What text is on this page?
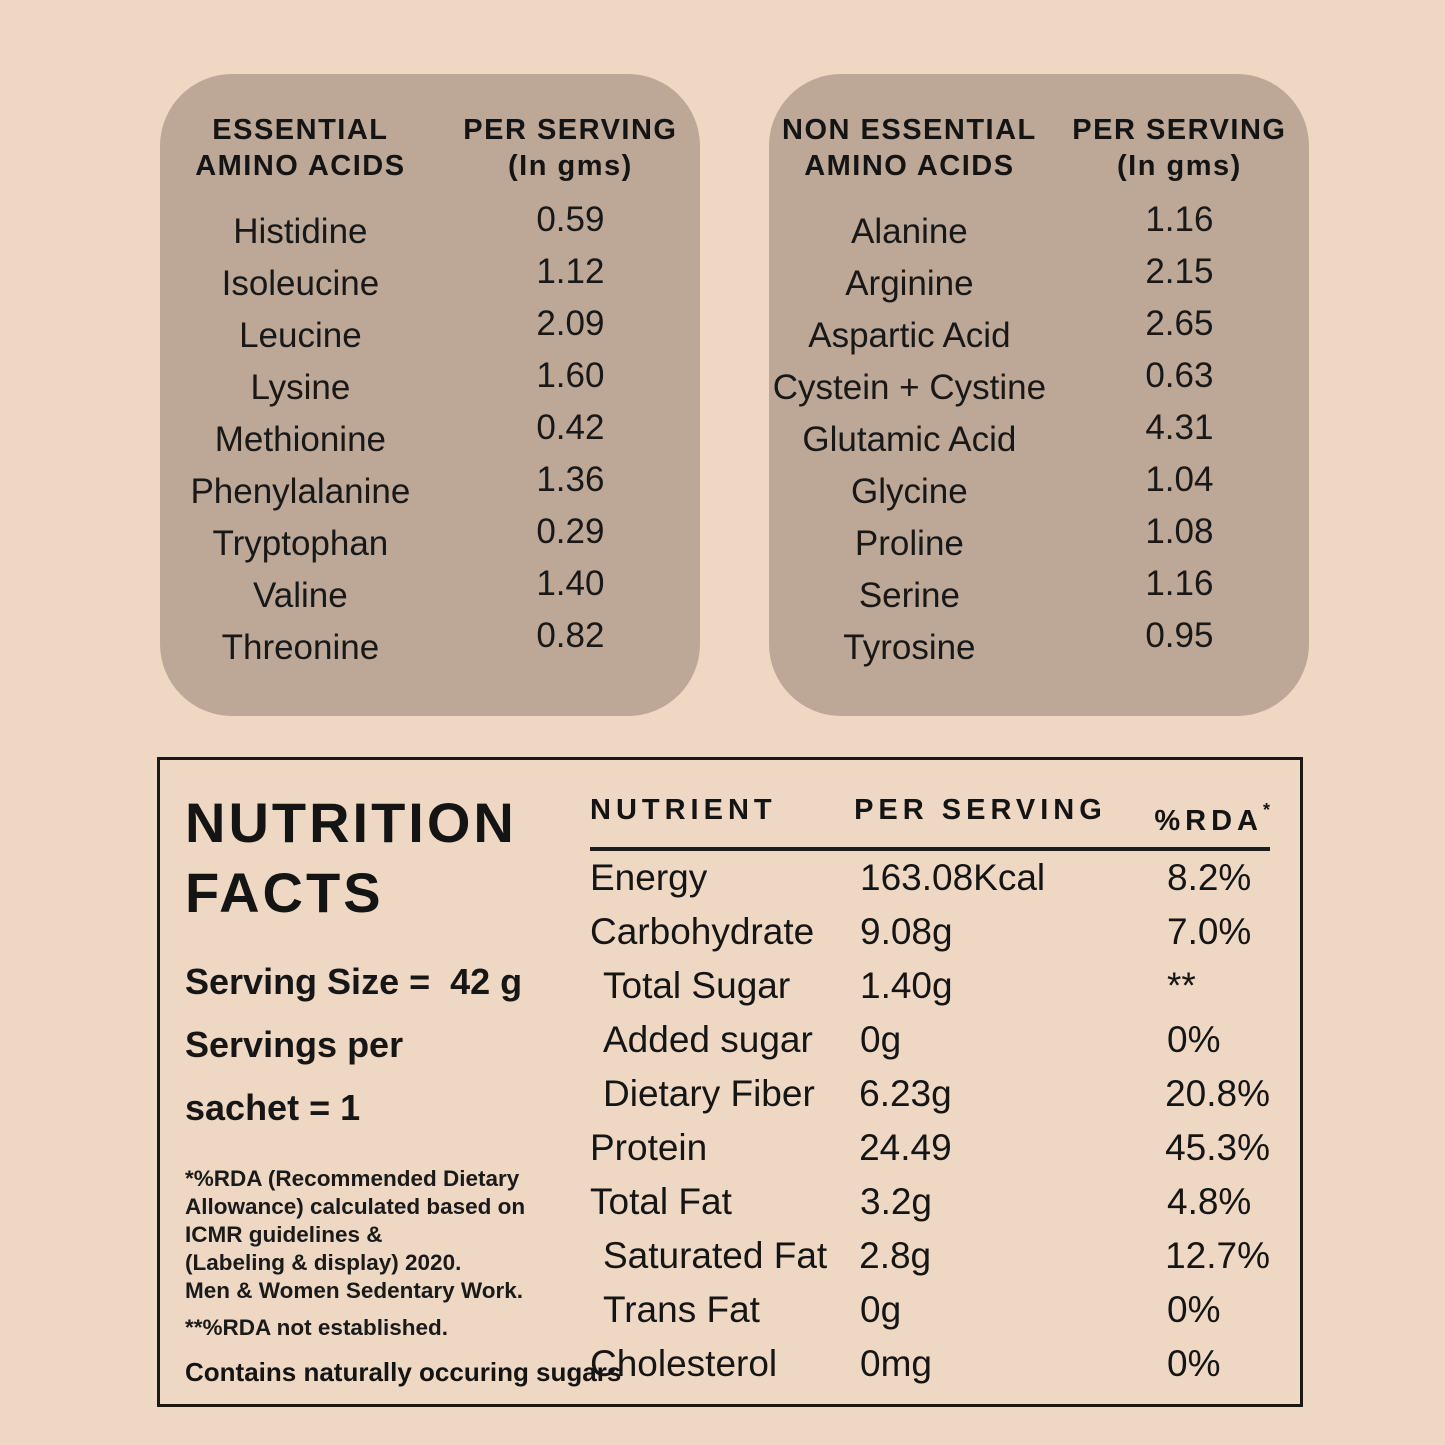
ESSENTIAL
AMINO ACIDS
PER SERVING
(In gms)
Histidine	0.59
Isoleucine	1.12
Leucine	2.09
Lysine	1.60
Methionine	0.42
Phenylalanine	1.36
Tryptophan	0.29
Valine	1.40
Threonine	0.82
NON ESSENTIAL
AMINO ACIDS
PER SERVING
(In gms)
Alanine	1.16
Arginine	2.15
Aspartic Acid	2.65
Cystein + Cystine	0.63
Glutamic Acid	4.31
Glycine	1.04
Proline	1.08
Serine	1.16
Tyrosine	0.95
NUTRITION
FACTS
Serving Size =  42 g
Servings per
sachet = 1
*%RDA (Recommended Dietary
Allowance) calculated based on
ICMR guidelines &
(Labeling & display) 2020.
Men & Women Sedentary Work.
**%RDA not established.
Contains naturally occuring sugars
NUTRIENT	PER SERVING	%RDA*
Energy	163.08Kcal	8.2%
Carbohydrate	9.08g	7.0%
Total Sugar	1.40g	**
Added sugar	0g	0%
Dietary Fiber	6.23g	20.8%
Protein	24.49	45.3%
Total Fat	3.2g	4.8%
Saturated Fat 2.8g	12.7%
Trans Fat	0g	0%
Cholesterol	0mg	0%
